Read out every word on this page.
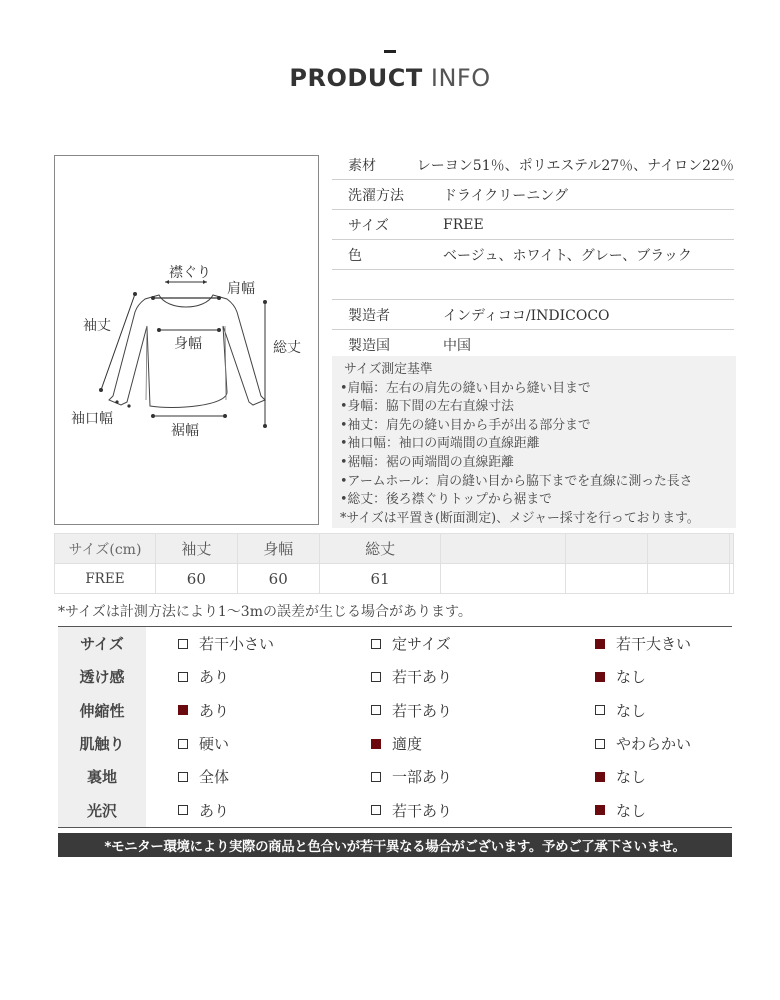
PRODUCT INFO
襟ぐり
肩幅
袖丈
身幅	総丈
袖口幅
裾幅
素材	レーヨン51％、ポリエステル27％、ナイロン22％
洗濯方法	ドライクリーニング
サイズ	FREE
色	ベージュ、ホワイト、グレー、ブラック
製造者	インディココ/INDICOCO
製造国	中国
サイズ測定基準
•肩幅：左右の肩先の縫い目から縫い目まで
•身幅：脇下間の左右直線寸法
•袖丈：肩先の縫い目から手が出る部分まで
•袖口幅：袖口の両端間の直線距離
•裾幅：裾の両端間の直線距離
•アームホール：肩の縫い目から脇下までを直線に測った長さ
•総丈：後ろ襟ぐりトップから裾まで
*サイズは平置き(断面測定)、メジャー採寸を行っております。
サイズ(cm)	袖丈	身幅	総丈				
FREE	60	60	61				
*サイズは計測方法により1～3mの誤差が生じる場合があります。
サイズ	若干小さい	定サイズ	若干大きい
透け感	あり	若干あり	なし
伸縮性	あり	若干あり	なし
肌触り	硬い	適度	やわらかい
裏地	全体	一部あり	なし
光沢	あり	若干あり	なし
*モニター環境により実際の商品と色合いが若干異なる場合がございます。予めご了承下さいませ。
